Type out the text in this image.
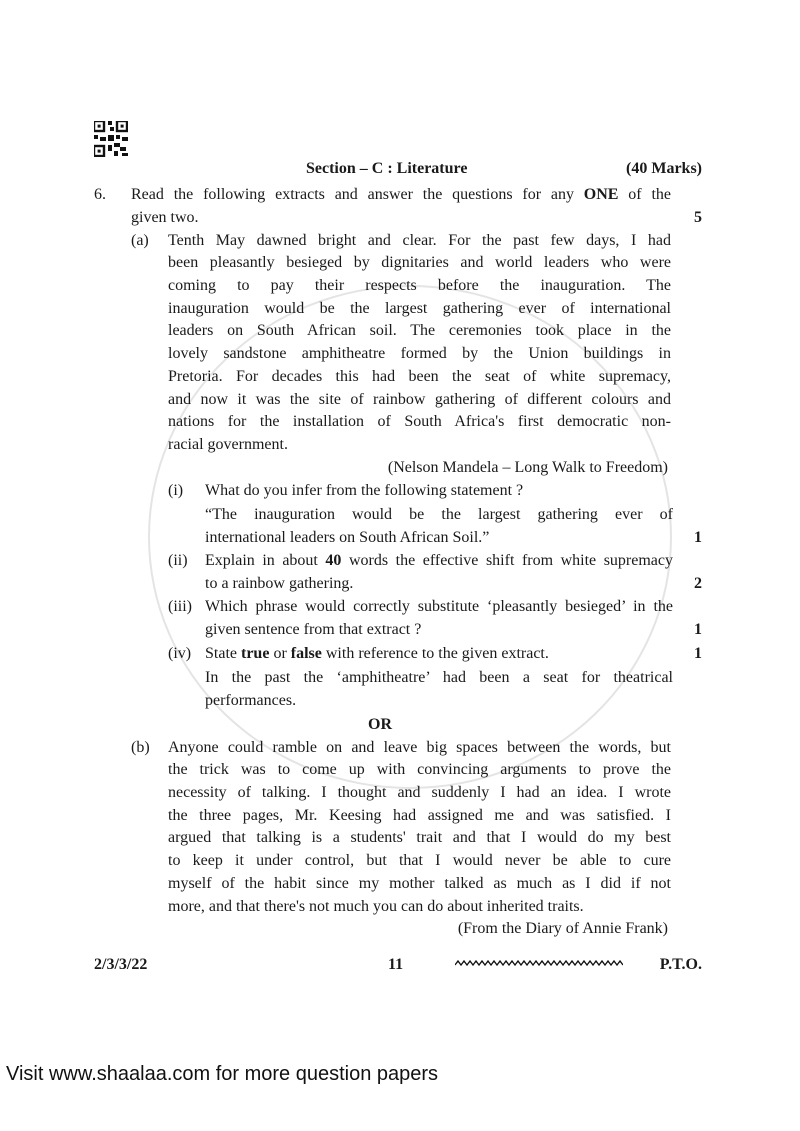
Section – C : Literature	(40 Marks)
6. Read the following extracts and answer the questions for any ONE of the
given two.	5
(a) Tenth May dawned bright and clear. For the past few days, I had
been pleasantly besieged by dignitaries and world leaders who were
coming to pay their respects before the inauguration. The
inauguration would be the largest gathering ever of international
leaders on South African soil. The ceremonies took place in the
lovely sandstone amphitheatre formed by the Union buildings in
Pretoria. For decades this had been the seat of white supremacy,
and now it was the site of rainbow gathering of different colours and
nations for the installation of South Africa's first democratic non-
racial government.
(Nelson Mandela – Long Walk to Freedom)
(i) What do you infer from the following statement ?
“The inauguration would be the largest gathering ever of
international leaders on South African Soil.”	1
(ii) Explain in about 40 words the effective shift from white supremacy
to a rainbow gathering.	2
(iii) Which phrase would correctly substitute ‘pleasantly besieged’ in the
given sentence from that extract ?	1
(iv) State true or false with reference to the given extract.	1
In the past the ‘amphitheatre’ had been a seat for theatrical
performances.
OR
(b) Anyone could ramble on and leave big spaces between the words, but
the trick was to come up with convincing arguments to prove the
necessity of talking. I thought and suddenly I had an idea. I wrote
the three pages, Mr. Keesing had assigned me and was satisfied. I
argued that talking is a students' trait and that I would do my best
to keep it under control, but that I would never be able to cure
myself of the habit since my mother talked as much as I did if not
more, and that there's not much you can do about inherited traits.
(From the Diary of Annie Frank)
2/3/3/22	11	P.T.O.
Visit www.shaalaa.com for more question papers
